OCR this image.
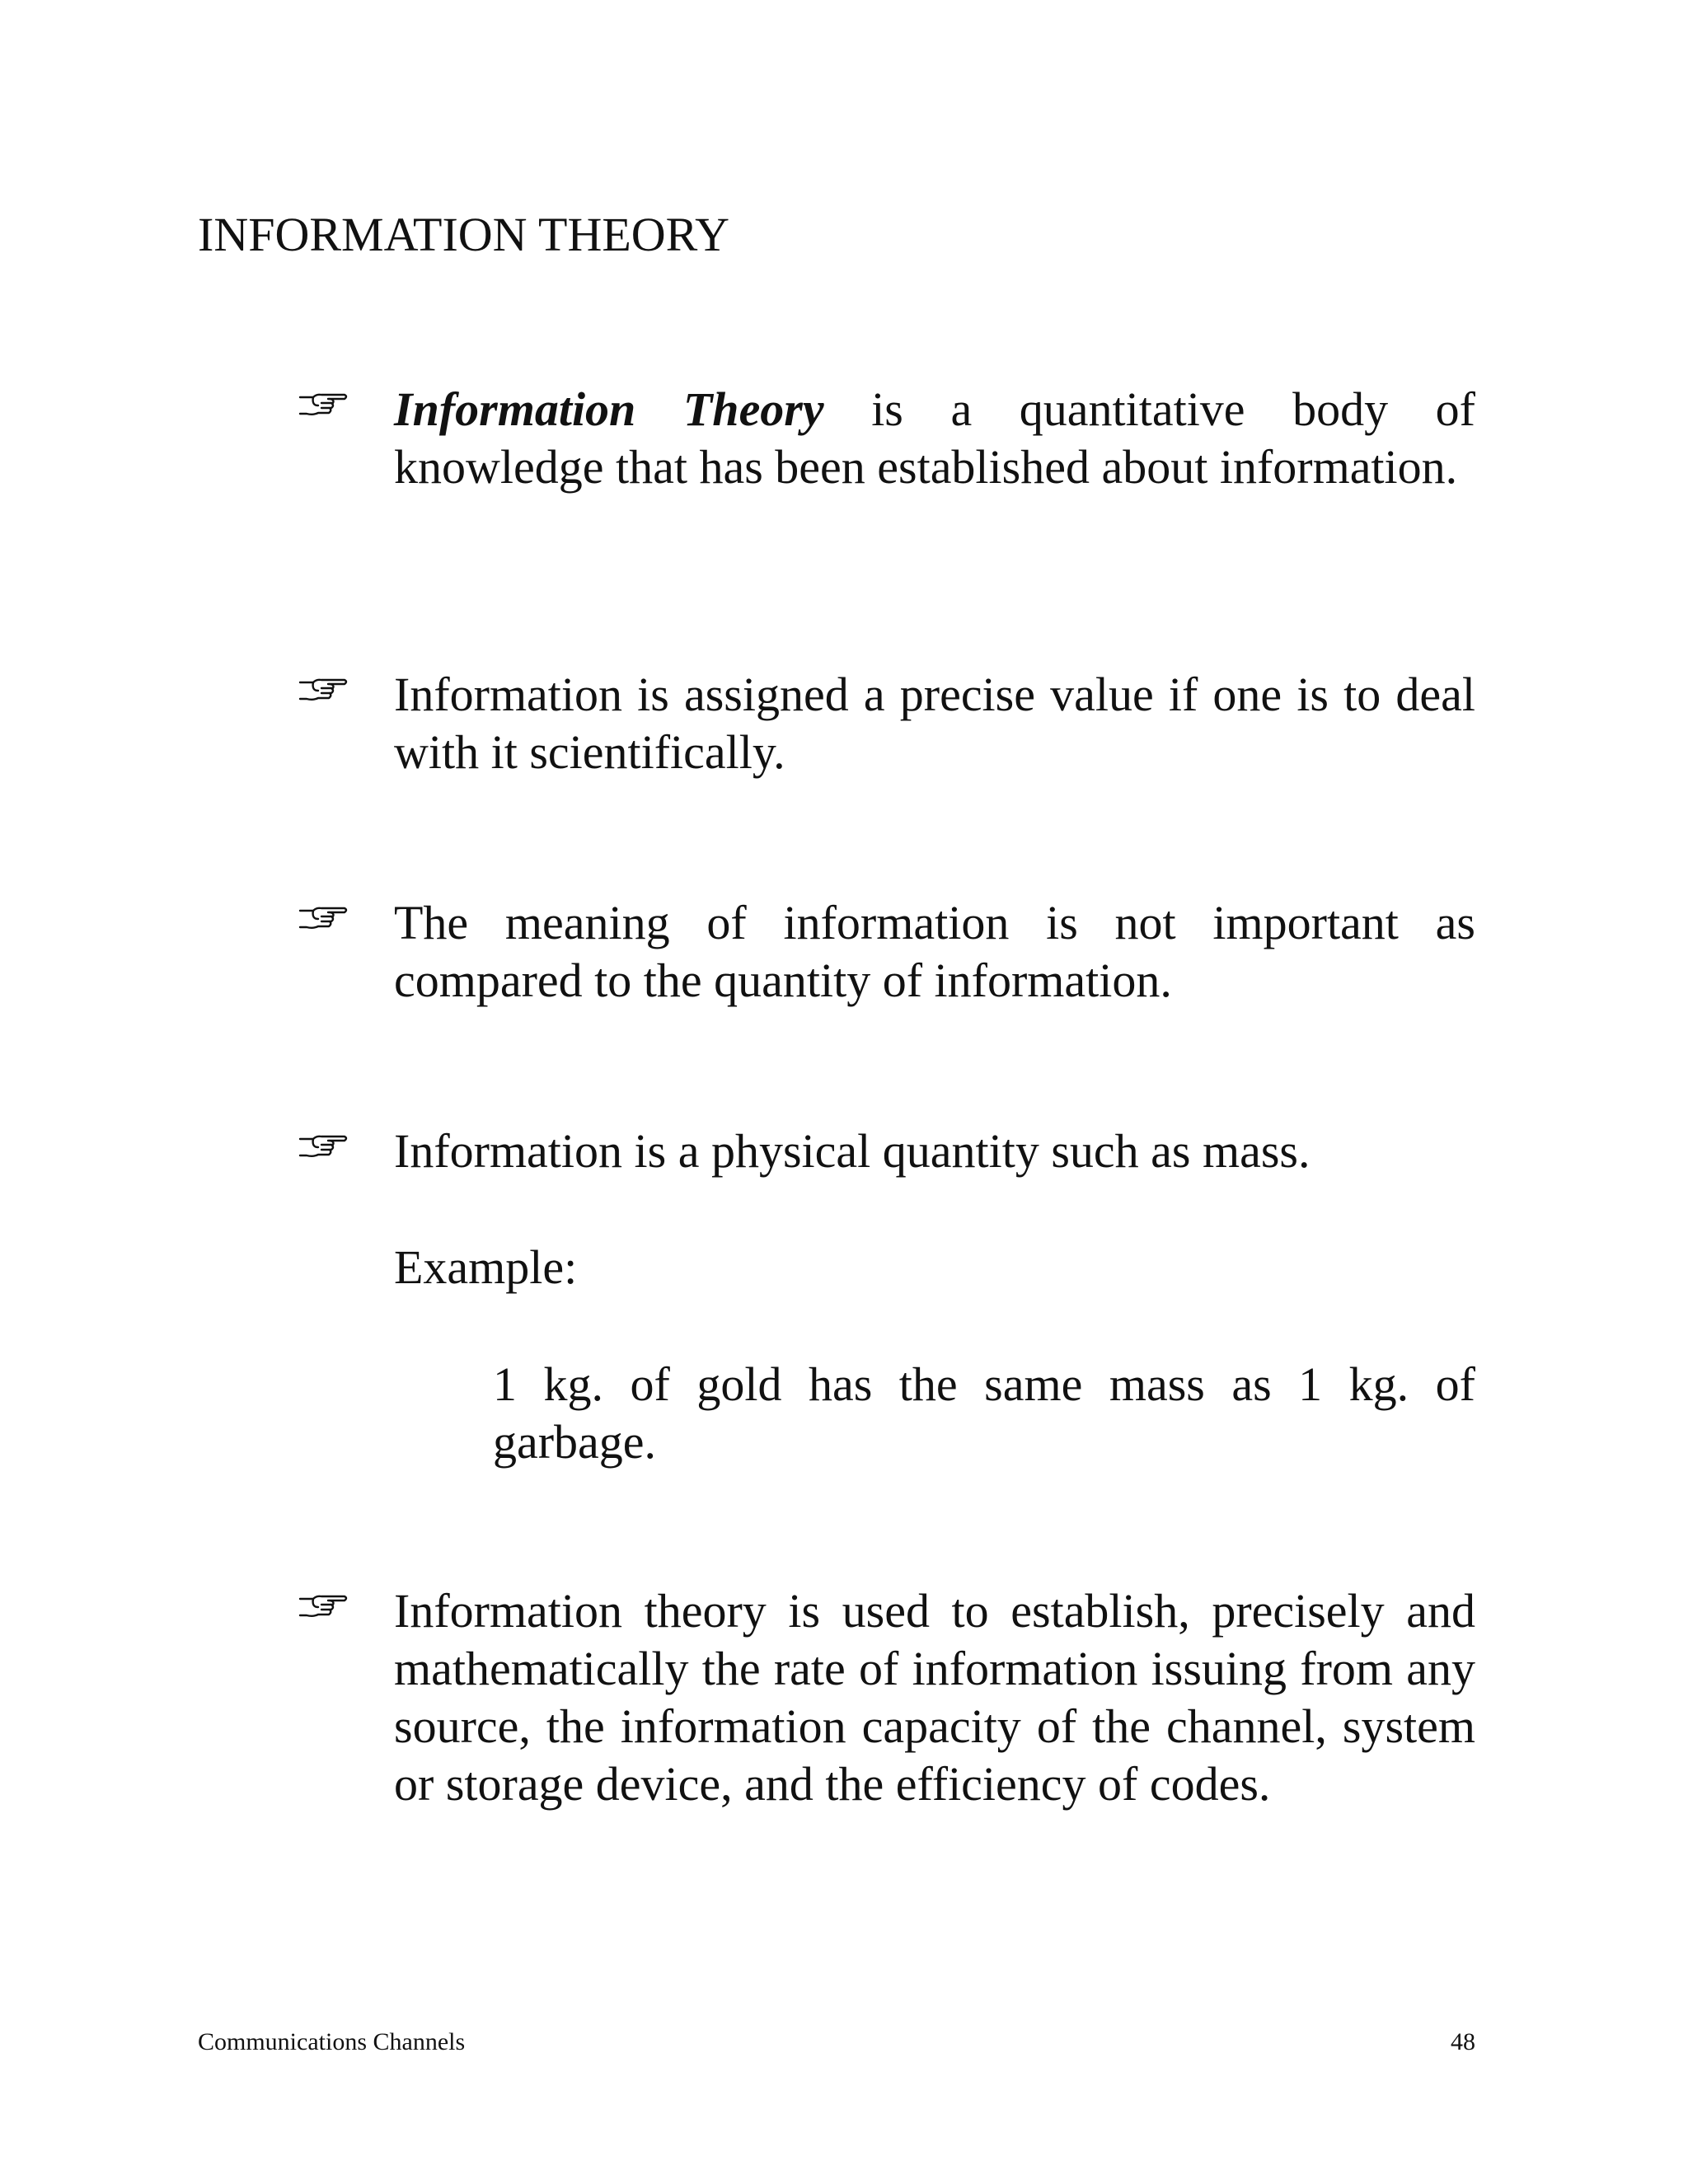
INFORMATION THEORY

Information Theory is a quantitative body of knowledge that has been established about information.

Information is assigned a precise value if one is to deal with it scientifically.

The meaning of information is not important as compared to the quantity of information.

Information is a physical quantity such as mass.

Example:

1 kg. of gold has the same mass as 1 kg. of garbage.

Information theory is used to establish, precisely and mathematically the rate of information issuing from any source, the information capacity of the channel, system or storage device, and the efficiency of codes.

Communications Channels	48
